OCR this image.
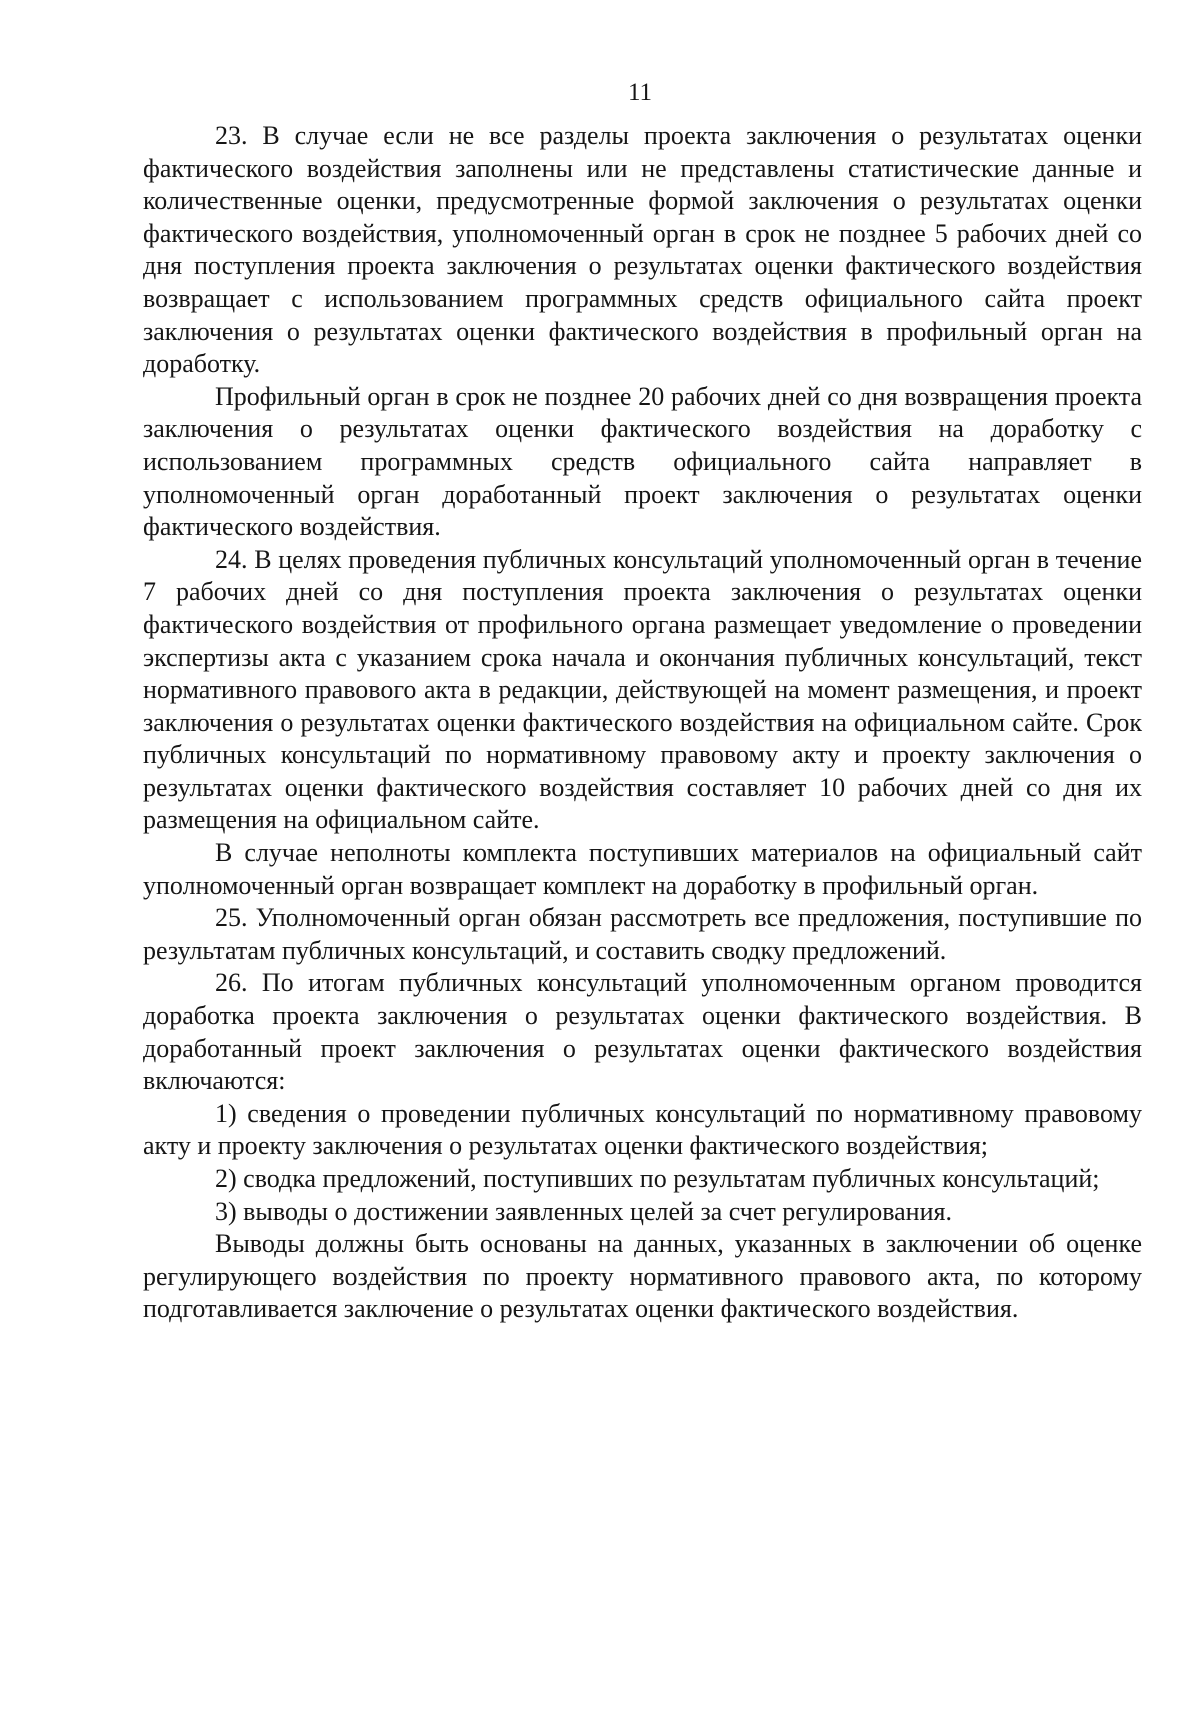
11

23. В случае если не все разделы проекта заключения о результатах оценки фактического воздействия заполнены или не представлены статистические данные и количественные оценки, предусмотренные формой заключения о результатах оценки фактического воздействия, уполномоченный орган в срок не позднее 5 рабочих дней со дня поступления проекта заключения о результатах оценки фактического воздействия возвращает с использованием программных средств официального сайта проект заключения о результатах оценки фактического воздействия в профильный орган на доработку.

Профильный орган в срок не позднее 20 рабочих дней со дня возвращения проекта заключения о результатах оценки фактического воздействия на доработку с использованием программных средств официального сайта направляет в уполномоченный орган доработанный проект заключения о результатах оценки фактического воздействия.

24. В целях проведения публичных консультаций уполномоченный орган в течение 7 рабочих дней со дня поступления проекта заключения о результатах оценки фактического воздействия от профильного органа размещает уведомление о проведении экспертизы акта с указанием срока начала и окончания публичных консультаций, текст нормативного правового акта в редакции, действующей на момент размещения, и проект заключения о результатах оценки фактического воздействия на официальном сайте. Срок публичных консультаций по нормативному правовому акту и проекту заключения о результатах оценки фактического воздействия составляет 10 рабочих дней со дня их размещения на официальном сайте.

В случае неполноты комплекта поступивших материалов на официальный сайт уполномоченный орган возвращает комплект на доработку в профильный орган.

25. Уполномоченный орган обязан рассмотреть все предложения, поступившие по результатам публичных консультаций, и составить сводку предложений.

26. По итогам публичных консультаций уполномоченным органом проводится доработка проекта заключения о результатах оценки фактического воздействия. В доработанный проект заключения о результатах оценки фактического воздействия включаются:

1) сведения о проведении публичных консультаций по нормативному правовому акту и проекту заключения о результатах оценки фактического воздействия;

2) сводка предложений, поступивших по результатам публичных консультаций;

3) выводы о достижении заявленных целей за счет регулирования.

Выводы должны быть основаны на данных, указанных в заключении об оценке регулирующего воздействия по проекту нормативного правового акта, по которому подготавливается заключение о результатах оценки фактического воздействия.
